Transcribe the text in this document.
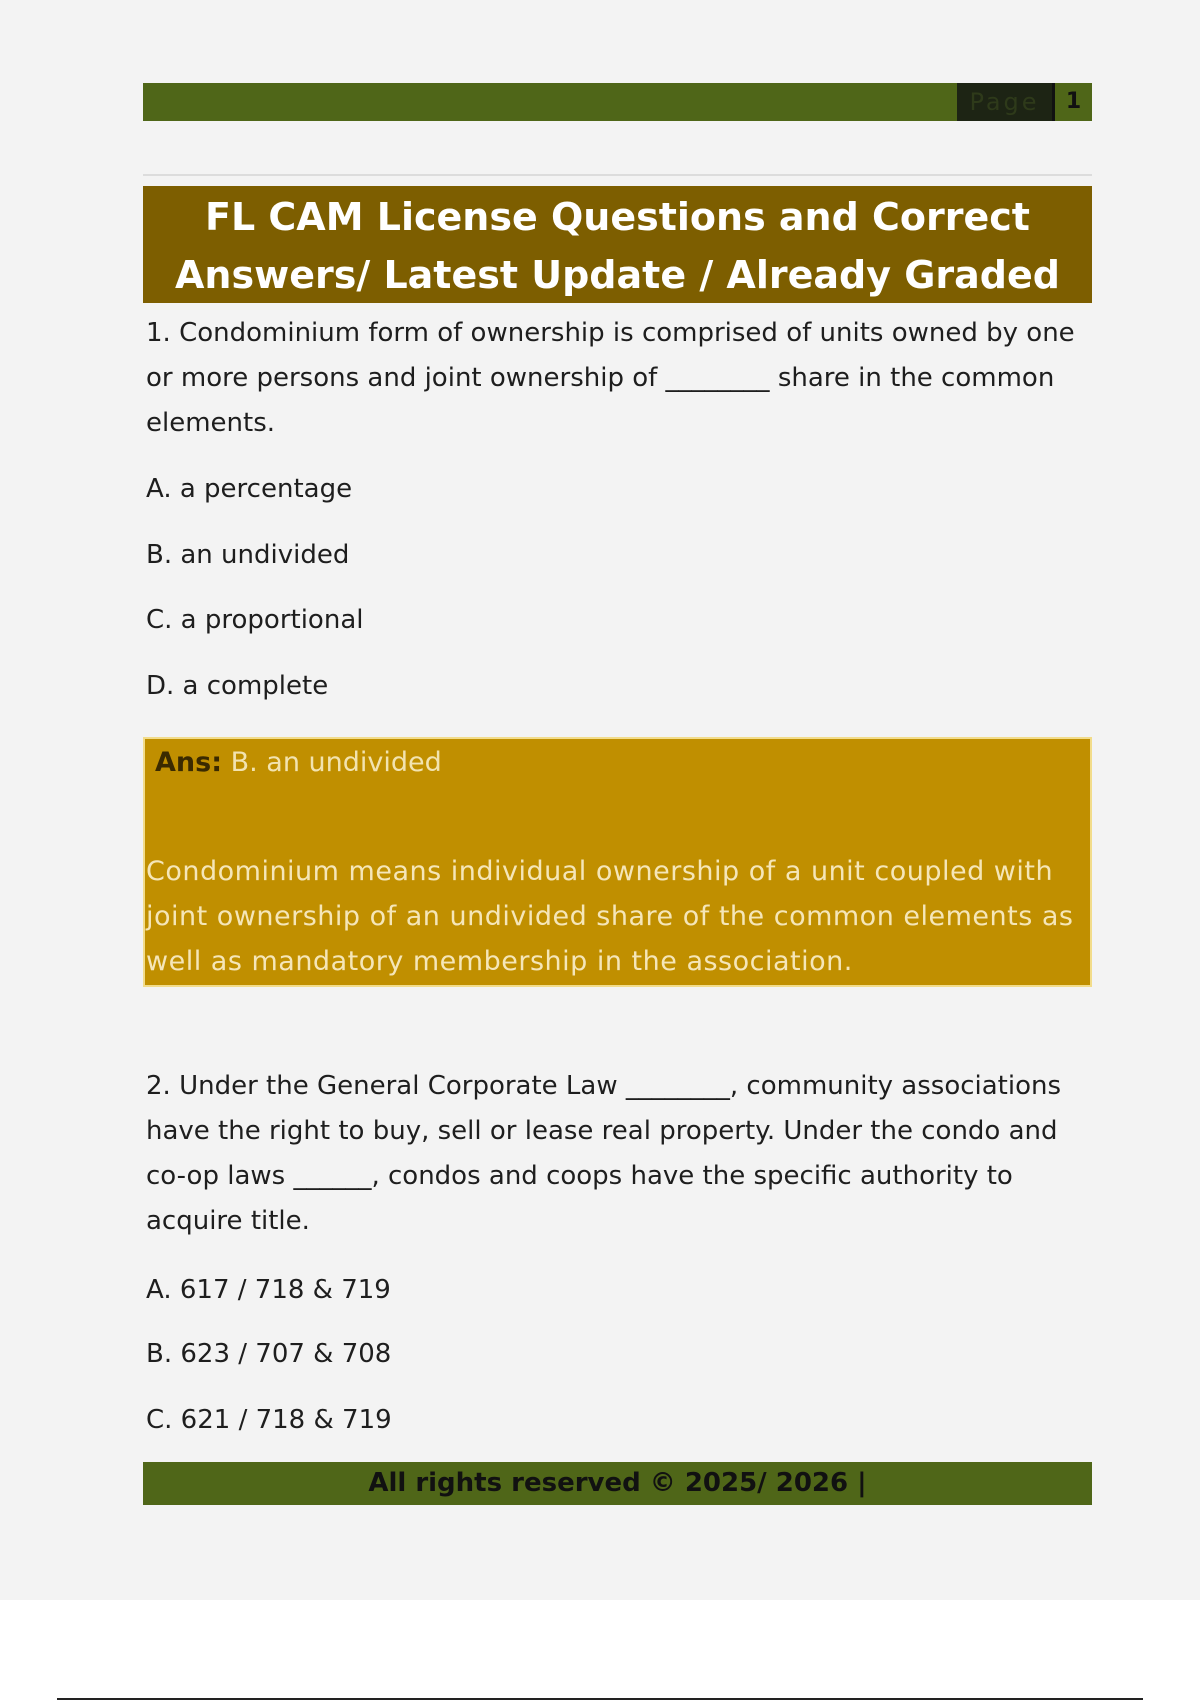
Page	1
FL CAM License Questions and Correct
Answers/ Latest Update / Already Graded
1. Condominium form of ownership is comprised of units owned by one or more persons and joint ownership of ________ share in the common elements.
A. a percentage
B. an undivided
C. a proportional
D. a complete
Ans: B. an undivided
Condominium means individual ownership of a unit coupled with joint ownership of an undivided share of the common elements as well as mandatory membership in the association.
2. Under the General Corporate Law ________, community associations have the right to buy, sell or lease real property. Under the condo and co-op laws ______, condos and coops have the specific authority to acquire title.
A. 617 / 718 & 719
B. 623 / 707 & 708
C. 621 / 718 & 719
All rights reserved © 2025/ 2026 |
